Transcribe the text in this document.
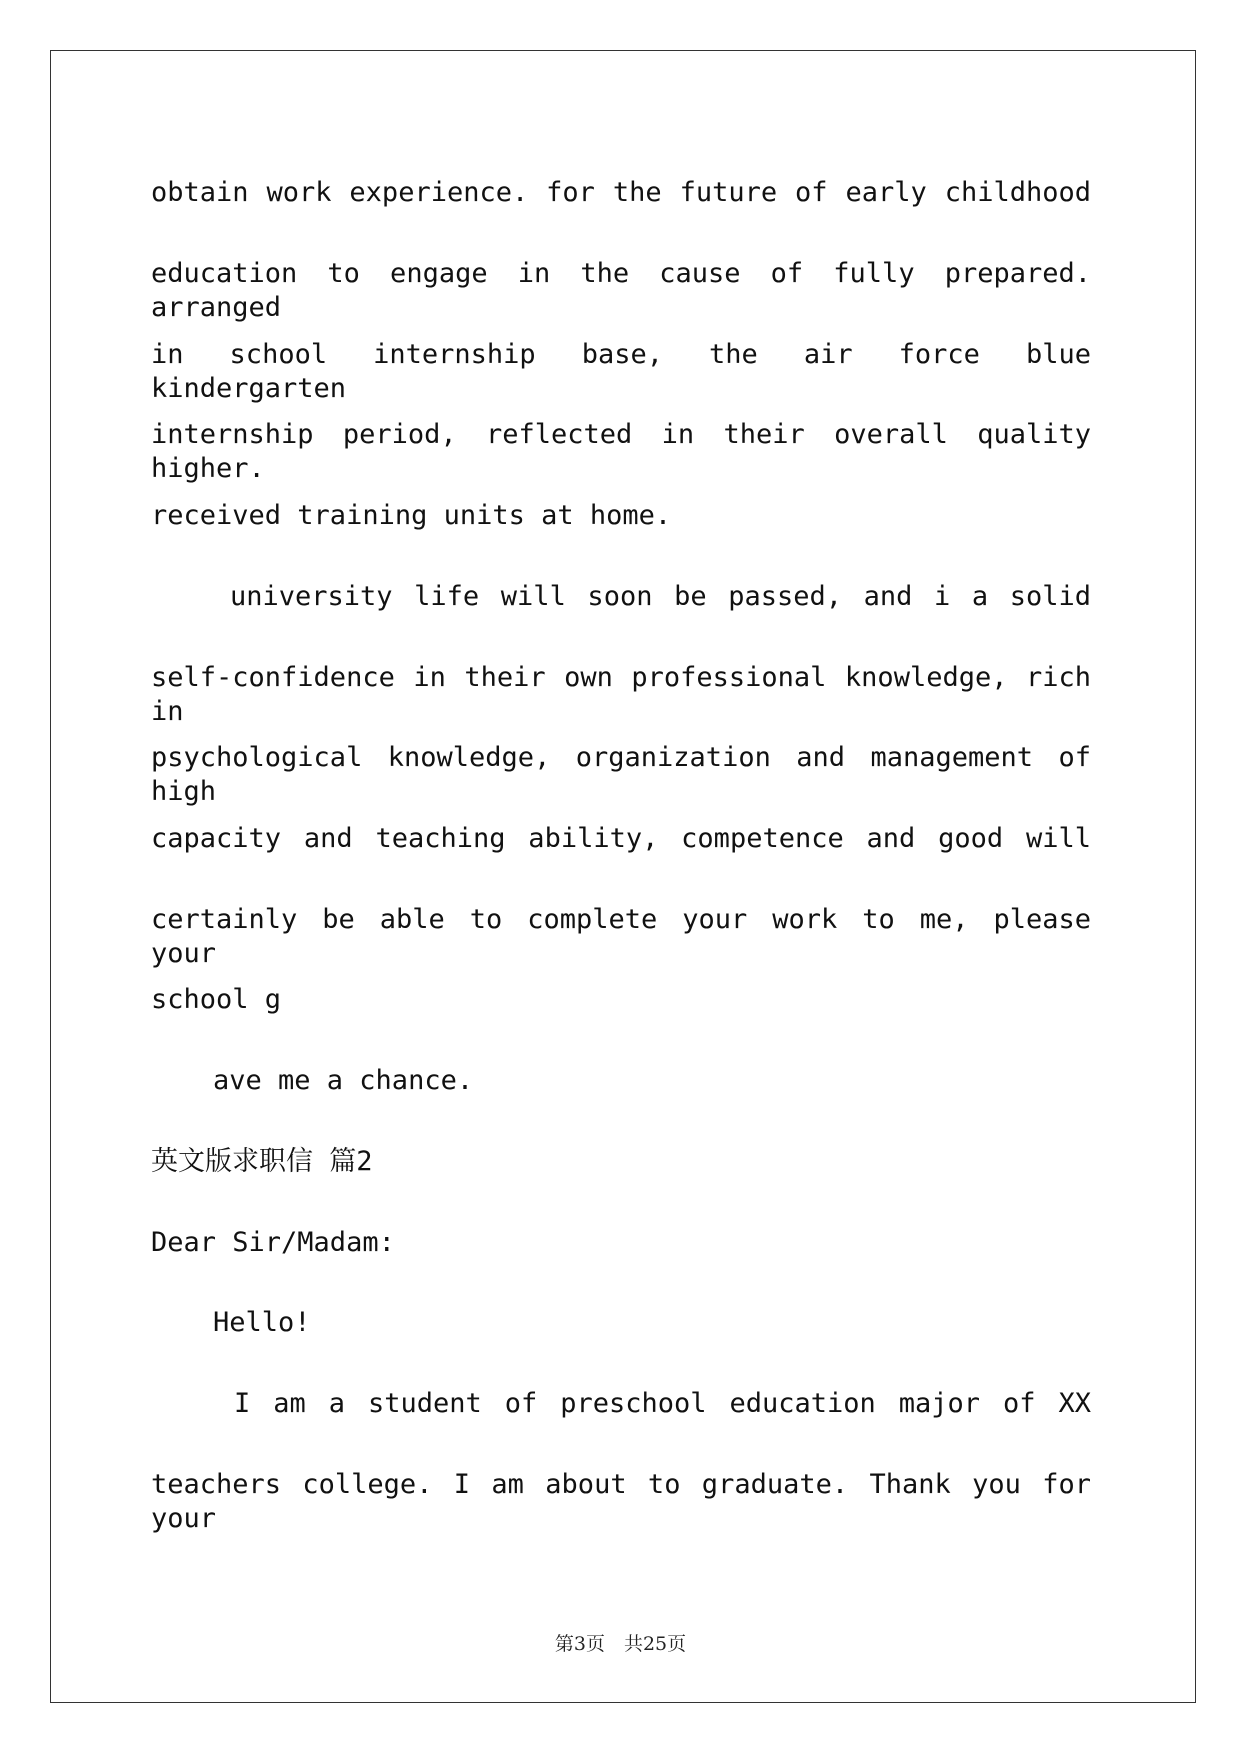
obtain work experience. for the future of early childhood
education to engage in the cause of fully prepared. arranged
in school internship base, the air force blue kindergarten
internship period, reflected in their overall quality higher.
received training units at home.
university life will soon be passed, and i a solid
self-confidence in their own professional knowledge, rich in
psychological knowledge, organization and management of high
capacity and teaching ability, competence and good will
certainly be able to complete your work to me, please your
school g
ave me a chance.
英文版求职信 篇2
Dear Sir/Madam:
Hello!
I am a student of preschool education major of XX
teachers college. I am about to graduate. Thank you for your
第3页　共25页
